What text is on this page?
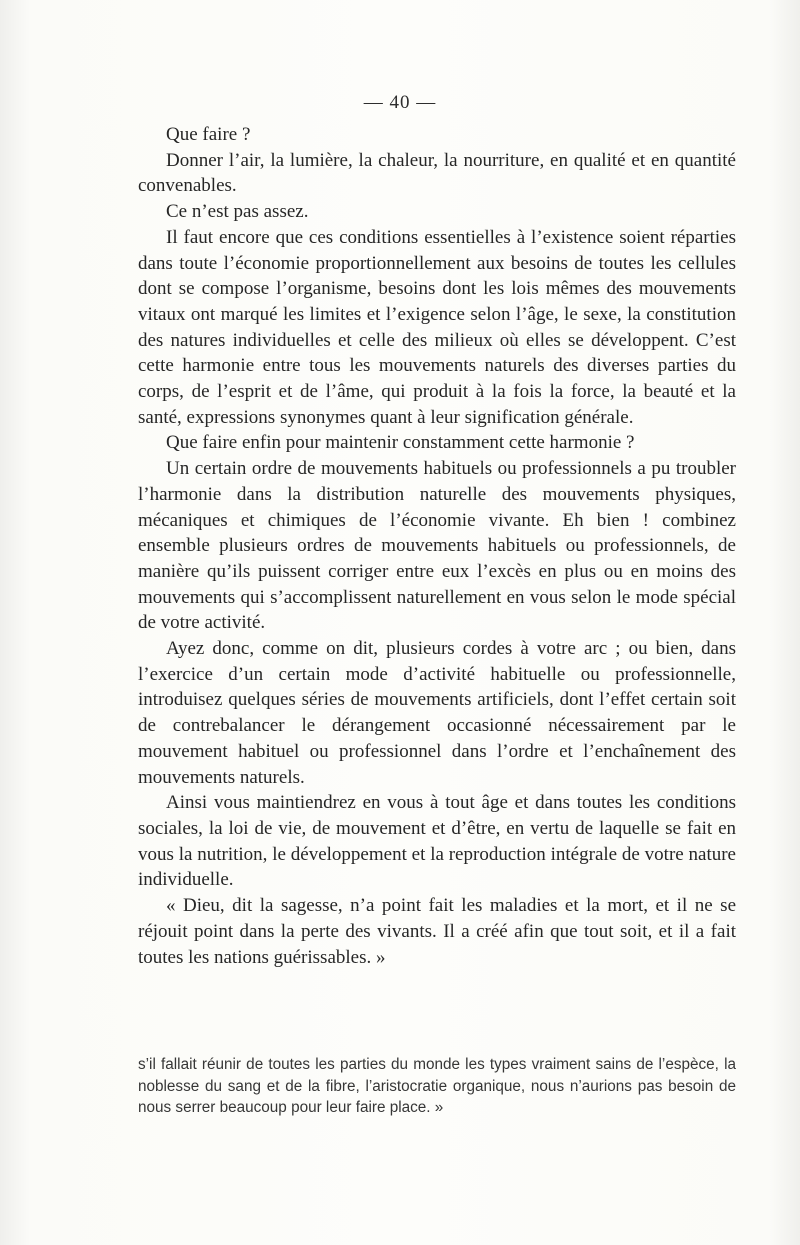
— 40 —

Que faire ?

Donner l’air, la lumière, la chaleur, la nourriture, en qualité et en quantité convenables.

Ce n’est pas assez.

Il faut encore que ces conditions essentielles à l’existence soient réparties dans toute l’économie proportionnellement aux besoins de toutes les cellules dont se compose l’organisme, besoins dont les lois mêmes des mouvements vitaux ont marqué les limites et l’exigence selon l’âge, le sexe, la constitution des natures individuelles et celle des milieux où elles se développent. C’est cette harmonie entre tous les mouvements naturels des diverses parties du corps, de l’esprit et de l’âme, qui produit à la fois la force, la beauté et la santé, expressions synonymes quant à leur signification générale.

Que faire enfin pour maintenir constamment cette harmonie ?

Un certain ordre de mouvements habituels ou professionnels a pu troubler l’harmonie dans la distribution naturelle des mouvements physiques, mécaniques et chimiques de l’économie vivante. Eh bien ! combinez ensemble plusieurs ordres de mouvements habituels ou professionnels, de manière qu’ils puissent corriger entre eux l’excès en plus ou en moins des mouvements qui s’accomplissent naturellement en vous selon le mode spécial de votre activité.

Ayez donc, comme on dit, plusieurs cordes à votre arc ; ou bien, dans l’exercice d’un certain mode d’activité habituelle ou professionnelle, introduisez quelques séries de mouvements artificiels, dont l’effet certain soit de contrebalancer le dérangement occasionné nécessairement par le mouvement habituel ou professionnel dans l’ordre et l’enchaînement des mouvements naturels.

Ainsi vous maintiendrez en vous à tout âge et dans toutes les conditions sociales, la loi de vie, de mouvement et d’être, en vertu de laquelle se fait en vous la nutrition, le développement et la reproduction intégrale de votre nature individuelle.

« Dieu, dit la sagesse, n’a point fait les maladies et la mort, et il ne se réjouit point dans la perte des vivants. Il a créé afin que tout soit, et il a fait toutes les nations guérissables. »

s’il fallait réunir de toutes les parties du monde les types vraiment sains de l’espèce, la noblesse du sang et de la fibre, l’aristocratie organique, nous n’aurions pas besoin de nous serrer beaucoup pour leur faire place. »
